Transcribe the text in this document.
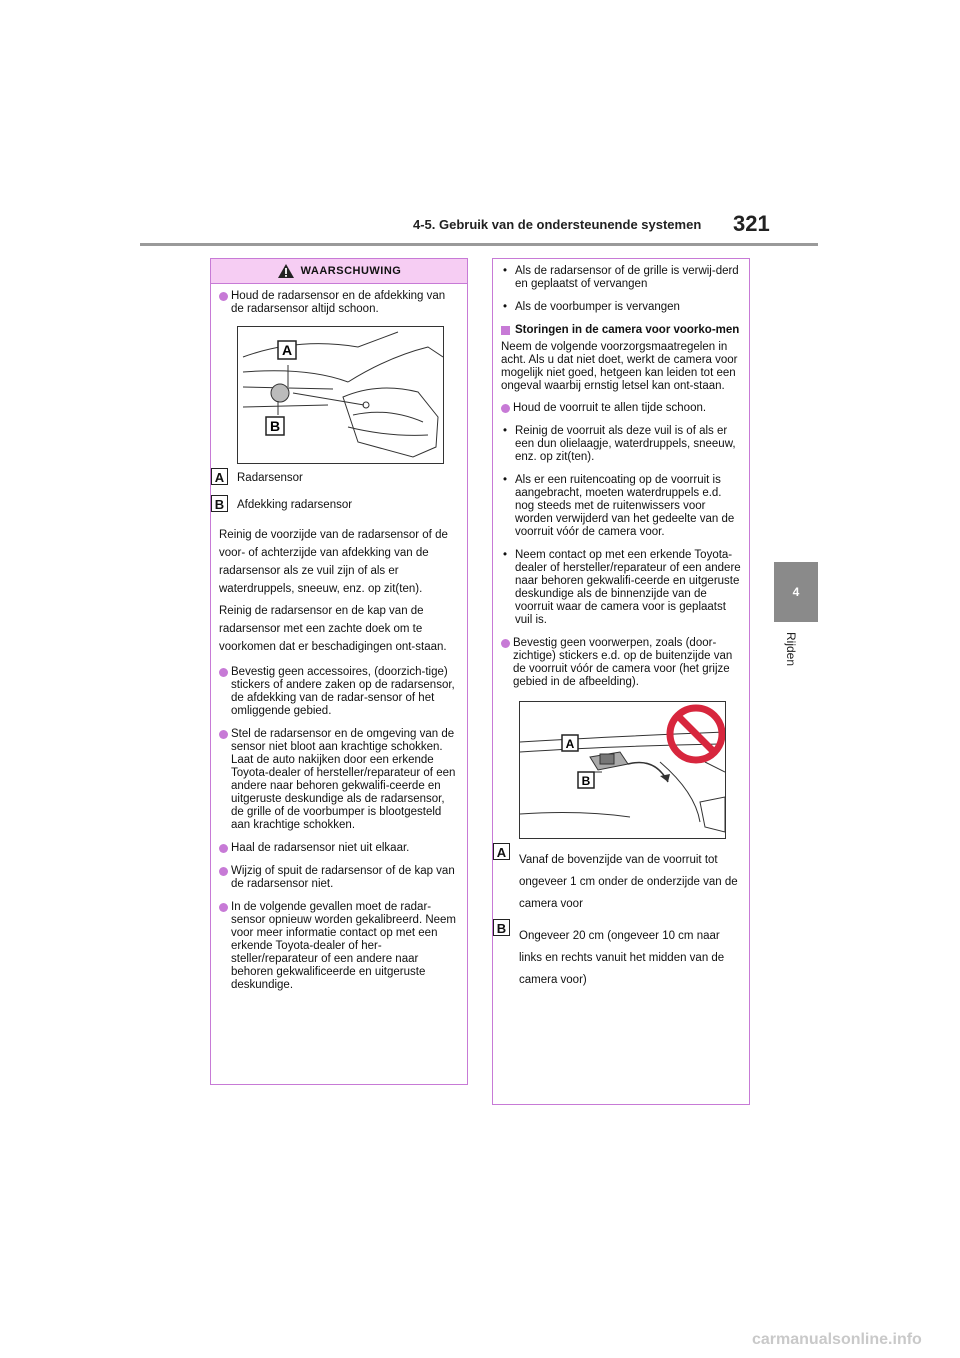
4-5. Gebruik van de ondersteunende systemen 321
4
Rijden
WAARSCHUWING
Houd de radarsensor en de afdekking van de radarsensor altijd schoon.
A
B
A	Radarsensor
B	Afdekking radarsensor
Reinig de voorzijde van de radarsensor of de voor- of achterzijde van afdekking van de radarsensor als ze vuil zijn of als er waterdruppels, sneeuw, enz. op zit(ten).
Reinig de radarsensor en de kap van de radarsensor met een zachte doek om te voorkomen dat er beschadigingen ont-staan.
Bevestig geen accessoires, (doorzich-tige) stickers of andere zaken op de radarsensor, de afdekking van de radar-sensor of het omliggende gebied.
Stel de radarsensor en de omgeving van de sensor niet bloot aan krachtige schokken. Laat de auto nakijken door een erkende Toyota-dealer of hersteller/reparateur of een andere naar behoren gekwalifi-ceerde en uitgeruste deskundige als de radarsensor, de grille of de voorbumper is blootgesteld aan krachtige schokken.
Haal de radarsensor niet uit elkaar.
Wijzig of spuit de radarsensor of de kap van de radarsensor niet.
In de volgende gevallen moet de radar-sensor opnieuw worden gekalibreerd. Neem voor meer informatie contact op met een erkende Toyota-dealer of her-steller/reparateur of een andere naar behoren gekwalificeerde en uitgeruste deskundige.
• Als de radarsensor of de grille is verwij-derd en geplaatst of vervangen
• Als de voorbumper is vervangen
Storingen in de camera voor voorko-men
Neem de volgende voorzorgsmaatregelen in acht. Als u dat niet doet, werkt de camera voor mogelijk niet goed, hetgeen kan leiden tot een ongeval waarbij ernstig letsel kan ont-staan.
Houd de voorruit te allen tijde schoon.
• Reinig de voorruit als deze vuil is of als er een dun olielaagje, waterdruppels, sneeuw, enz. op zit(ten).
• Als er een ruitencoating op de voorruit is aangebracht, moeten waterdruppels e.d. nog steeds met de ruitenwissers voor worden verwijderd van het gedeelte van de voorruit vóór de camera voor.
• Neem contact op met een erkende Toyota-dealer of hersteller/reparateur of een andere naar behoren gekwalifi-ceerde en uitgeruste deskundige als de binnenzijde van de voorruit waar de camera voor is geplaatst vuil is.
Bevestig geen voorwerpen, zoals (door-zichtige) stickers e.d. op de buitenzijde van de voorruit vóór de camera voor (het grijze gebied in de afbeelding).
A
B
A	Vanaf de bovenzijde van de voorruit tot ongeveer 1 cm onder de onderzijde van de camera voor
B	Ongeveer 20 cm (ongeveer 10 cm naar links en rechts vanuit het midden van de camera voor)
carmanualsonline.info
